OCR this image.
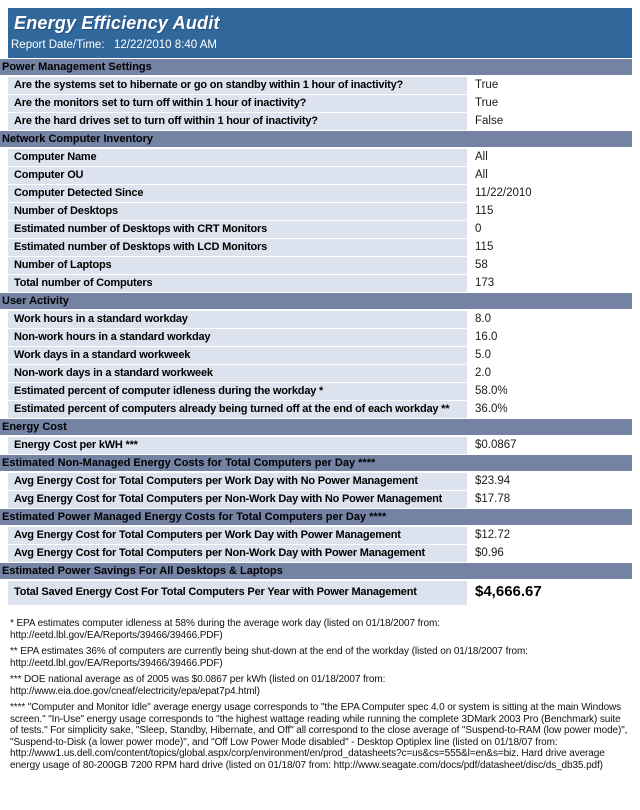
Energy Efficiency Audit
Report Date/Time: 12/22/2010 8:40 AM
Power Management Settings
Are the systems set to hibernate or go on standby within 1 hour of inactivity?	True
Are the monitors set to turn off within 1 hour of inactivity?	True
Are the hard drives set to turn off within 1 hour of inactivity?	False
Network Computer Inventory
Computer Name	All
Computer OU	All
Computer Detected Since	11/22/2010
Number of Desktops	115
Estimated number of Desktops with CRT Monitors	0
Estimated number of Desktops with LCD Monitors	115
Number of Laptops	58
Total number of Computers	173
User Activity
Work hours in a standard workday	8.0
Non-work hours in a standard workday	16.0
Work days in a standard workweek	5.0
Non-work days in a standard workweek	2.0
Estimated percent of computer idleness during the workday *	58.0%
Estimated percent of computers already being turned off at the end of each workday **	36.0%
Energy Cost
Energy Cost per kWH ***	$0.0867
Estimated Non-Managed Energy Costs for Total Computers per Day ****
Avg Energy Cost for Total Computers per Work Day with No Power Management	$23.94
Avg Energy Cost for Total Computers per Non-Work Day with No Power Management	$17.78
Estimated Power Managed Energy Costs for Total Computers per Day ****
Avg Energy Cost for Total Computers per Work Day with Power Management	$12.72
Avg Energy Cost for Total Computers per Non-Work Day with Power Management	$0.96
Estimated Power Savings For All Desktops & Laptops
Total Saved Energy Cost For Total Computers Per Year with Power Management	$4,666.67

* EPA estimates computer idleness at 58% during the average work day (listed on 01/18/2007 from: http://eetd.lbl.gov/EA/Reports/39466/39466.PDF)

** EPA estimates 36% of computers are currently being shut-down at the end of the workday (listed on 01/18/2007 from: http://eetd.lbl.gov/EA/Reports/39466/39466.PDF)

*** DOE national average as of 2005 was $0.0867 per kWh (listed on 01/18/2007 from: http://www.eia.doe.gov/cneaf/electricity/epa/epat7p4.html)

**** "Computer and Monitor Idle" average energy usage corresponds to "the EPA Computer spec 4.0 or system is sitting at the main Windows screen." "In-Use" energy usage corresponds to "the highest wattage reading while running the complete 3DMark 2003 Pro (Benchmark) suite of tests." For simplicity sake, "Sleep, Standby, Hibernate, and Off" all correspond to the close average of "Suspend-to-RAM (low power mode)", "Suspend-to-Disk (a lower power mode)", and "Off Low Power Mode disabled" - Desktop Optiplex line (listed on 01/18/07 from: http://www1.us.dell.com/content/topics/global.aspx/corp/environment/en/prod_datasheets?c=us&cs=555&l=en&s=biz. Hard drive average energy usage of 80-200GB 7200 RPM hard drive (listed on 01/18/07 from: http://www.seagate.com/docs/pdf/datasheet/disc/ds_db35.pdf)
